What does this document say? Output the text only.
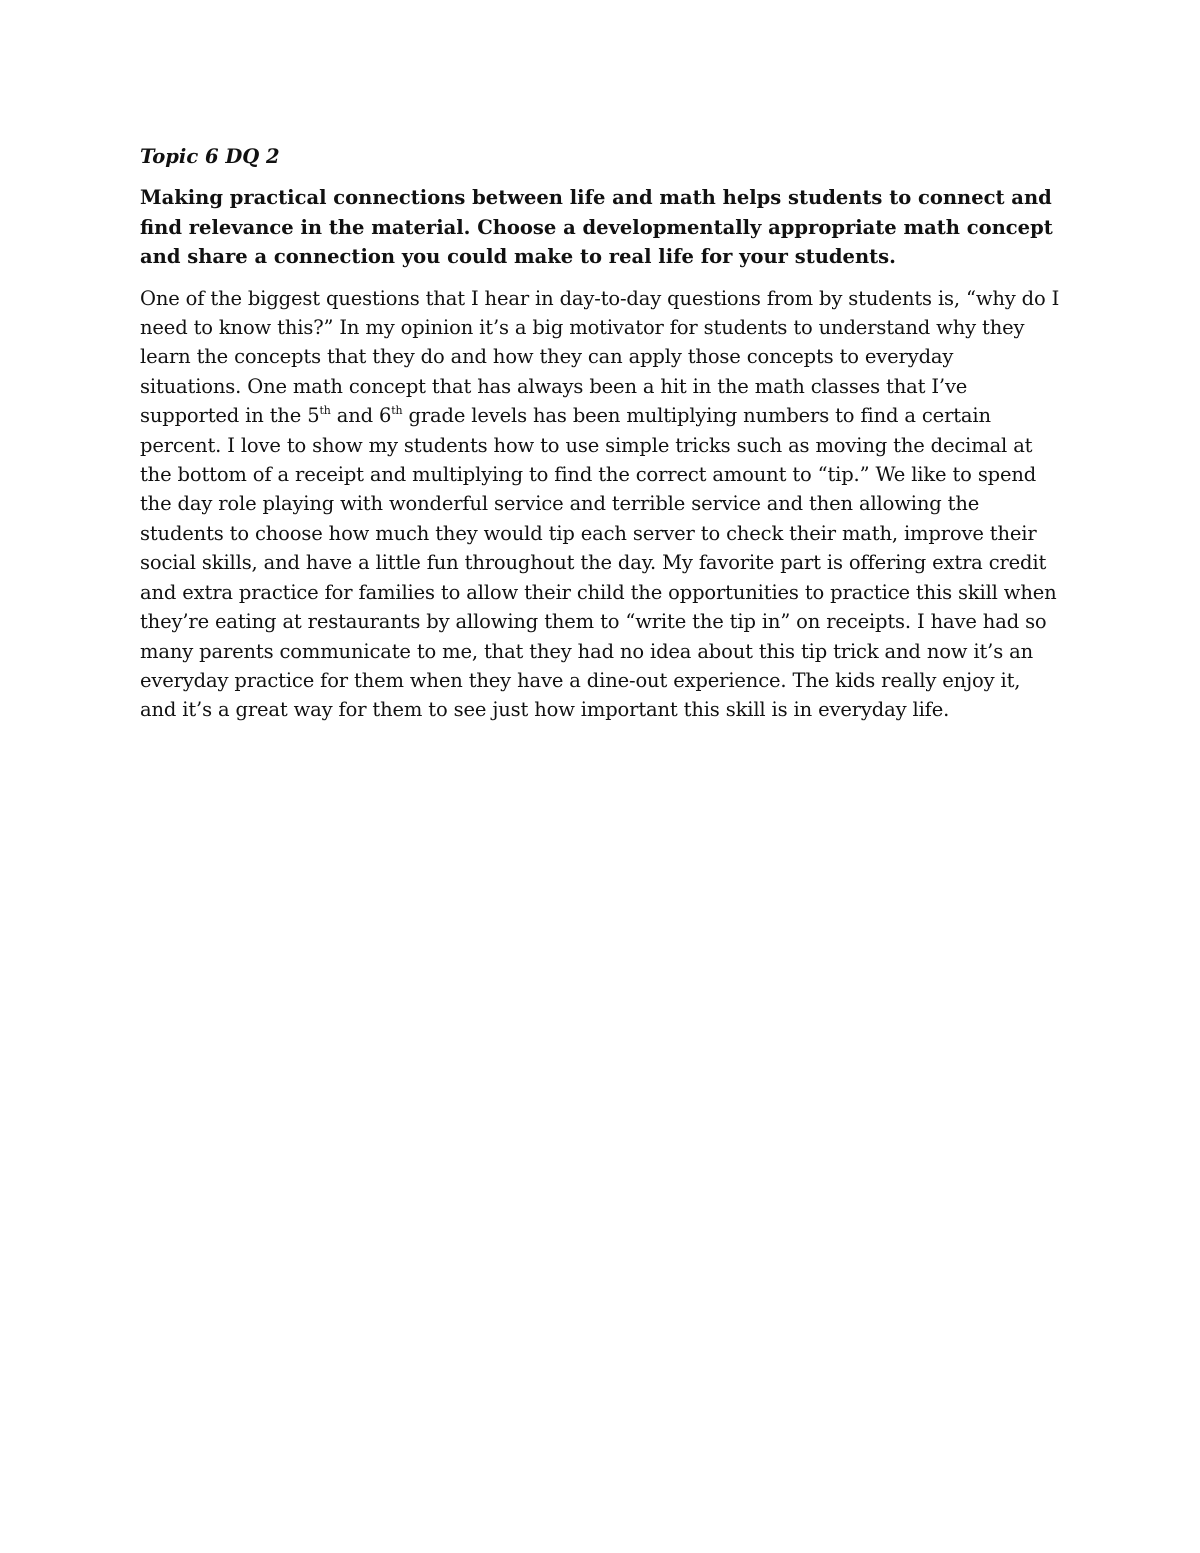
Topic 6 DQ 2

Making practical connections between life and math helps students to connect and find relevance in the material. Choose a developmentally appropriate math concept and share a connection you could make to real life for your students.

One of the biggest questions that I hear in day-to-day questions from by students is, “why do I need to know this?” In my opinion it’s a big motivator for students to understand why they learn the concepts that they do and how they can apply those concepts to everyday situations. One math concept that has always been a hit in the math classes that I’ve supported in the 5th and 6th grade levels has been multiplying numbers to find a certain percent. I love to show my students how to use simple tricks such as moving the decimal at the bottom of a receipt and multiplying to find the correct amount to “tip.” We like to spend the day role playing with wonderful service and terrible service and then allowing the students to choose how much they would tip each server to check their math, improve their social skills, and have a little fun throughout the day. My favorite part is offering extra credit and extra practice for families to allow their child the opportunities to practice this skill when they’re eating at restaurants by allowing them to “write the tip in” on receipts. I have had so many parents communicate to me, that they had no idea about this tip trick and now it’s an everyday practice for them when they have a dine-out experience. The kids really enjoy it, and it’s a great way for them to see just how important this skill is in everyday life.
